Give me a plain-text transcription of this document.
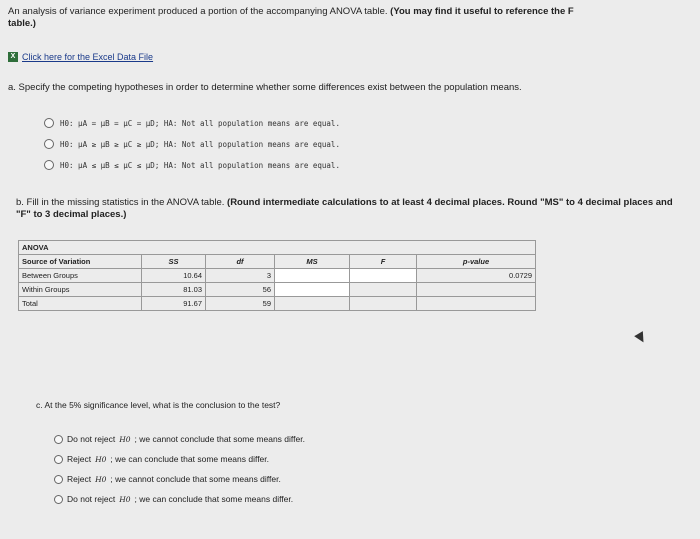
An analysis of variance experiment produced a portion of the accompanying ANOVA table. (You may find it useful to reference the F
table.)
X Click here for the Excel Data File
a. Specify the competing hypotheses in order to determine whether some differences exist between the population means.
H0: μA = μB = μC = μD; HA: Not all population means are equal.
H0: μA ≥ μB ≥ μC ≥ μD; HA: Not all population means are equal.
H0: μA ≤ μB ≤ μC ≤ μD; HA: Not all population means are equal.
b. Fill in the missing statistics in the ANOVA table. (Round intermediate calculations to at least 4 decimal places. Round "MS" to 4 decimal places and "F" to 3 decimal places.)
ANOVA					
Source of Variation	SS	df	MS	F	p-value
Between Groups	10.64	3			0.0729
Within Groups	81.03	56			
Total	91.67	59			
c. At the 5% significance level, what is the conclusion to the test?
Do not reject H0 ; we cannot conclude that some means differ.
Reject H0 ; we can conclude that some means differ.
Reject H0 ; we cannot conclude that some means differ.
Do not reject H0 ; we can conclude that some means differ.
